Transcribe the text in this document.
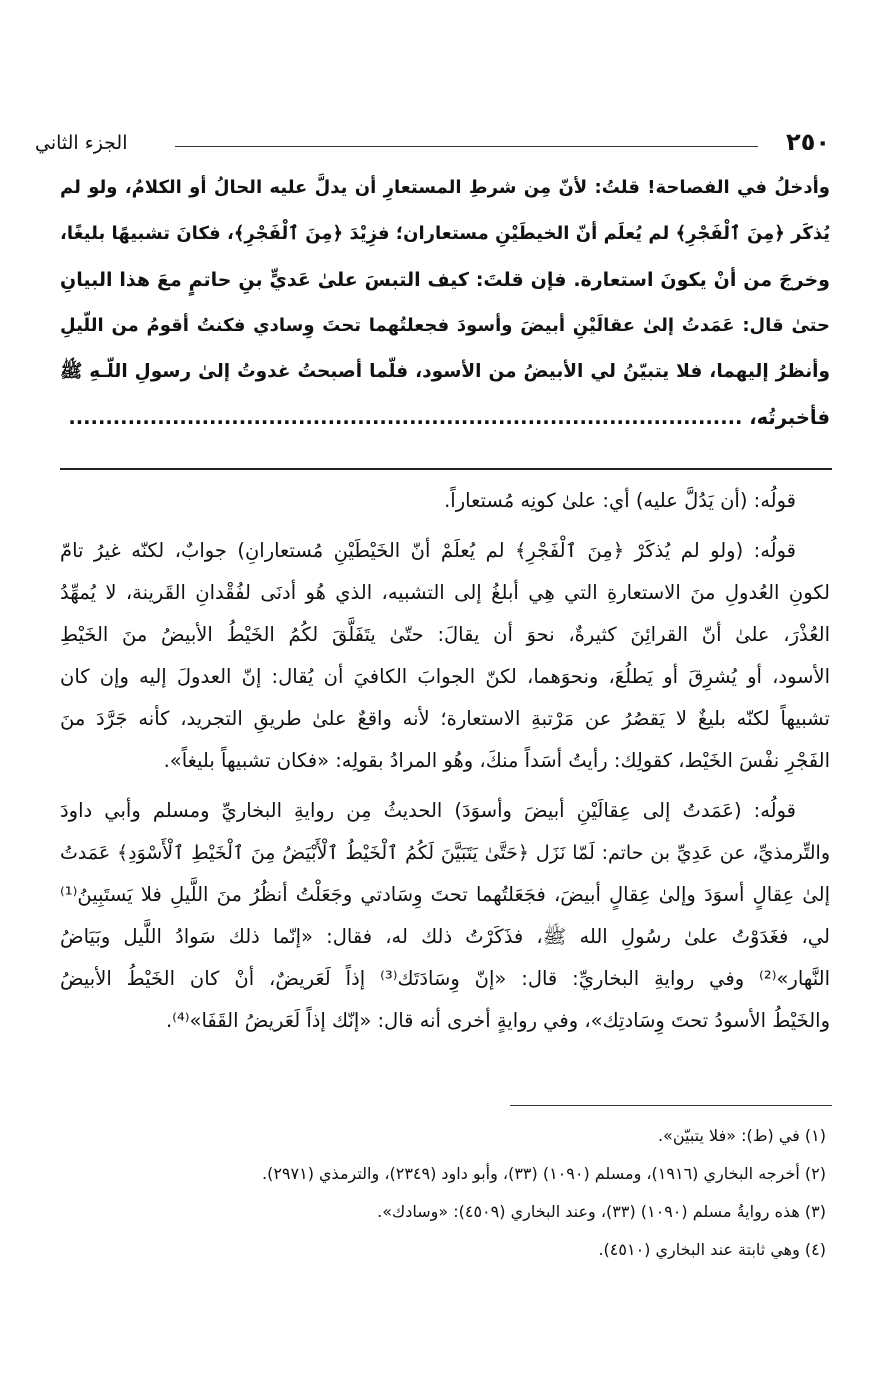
٢٥٠
الجزء الثاني
وأدخلُ في الفصاحة! قلتُ: لأنّ مِن شرطِ المستعارِ أن يدلَّ عليه الحالُ أو الكلامُ، ولو لم
يُذكَر ﴿مِنَ ٱلْفَجْرِ﴾ لم يُعلَم أنّ الخيطَيْنِ مستعاران؛ فزِيْدَ ﴿مِنَ ٱلْفَجْرِ﴾، فكانَ تشبيهًا بليغًا،
وخرجَ من أنْ يكونَ استعارة. فإن قلتَ: كيف التبسَ علىٰ عَديٍّ بنِ حاتمٍ معَ هذا البيانِ
حتىٰ قال: عَمَدتُ إلىٰ عقالَيْنِ أبيضَ وأسودَ فجعلتُهما تحتَ وِسادي فكنتُ أقومُ من اللّيلِ
وأنظرُ إليهما، فلا يتبيّنُ لي الأبيضُ من الأسود، فلّما أصبحتُ غدوتُ إلىٰ رسولِ اللّـهِ ﷺ
فأخبرتُه، ...........................................................................................
قولُه: (أن يَدُلَّ عليه) أي: علىٰ كونِه مُستعاراً.
قولُه: (ولو لم يُذكَرْ ﴿مِنَ ٱلْفَجْرِ﴾ لم يُعلَمْ أنّ الخَيْطَيْنِ مُستعارانِ) جوابٌ، لكنّه غيرُ تامّ
لكونِ العُدولِ منَ الاستعارةِ التي هِي أبلغُ إلى التشبيه، الذي هُو أدنَى لفُقْدانِ القَرينة، لا يُمهِّدُ
العُذْرَ، علىٰ أنّ القرائِنَ كثيرةٌ، نحوَ أن يقالَ: حتّىٰ يتَفَلَّقَ لكُمُ الخَيْطُ الأبيضُ منَ الخَيْطِ
الأسود، أو يُشرِقَ أو يَطلُعَ، ونحوَهما، لكنّ الجوابَ الكافيَ أن يُقال: إنّ العدولَ إليه وإن كان
تشبيهاً لكنّه بليغٌ لا يَقصُرُ عن مَرْتبةِ الاستعارة؛ لأنه واقعٌ علىٰ طريقِ التجريد، كأنه جَرَّدَ منَ
الفَجْرِ نفْسَ الخَيْط، كقولِك: رأيتُ أسَداً منكَ، وهُو المرادُ بقولِه: «فكان تشبيهاً بليغاً».
قولُه: (عَمَدتُ إلى عِقالَيْنِ أبيضَ وأسوَدَ) الحديثُ مِن روايةِ البخاريِّ ومسلم وأبي داودَ
والتِّرمذيِّ، عن عَدِيِّ بن حاتم: لَمّا نَزَل ﴿حَتَّىٰ يَتَبَيَّنَ لَكُمُ ٱلْخَيْطُ ٱلْأَبْيَضُ مِنَ ٱلْخَيْطِ ٱلْأَسْوَدِ﴾ عَمَدتُ
إلىٰ عِقالٍ أسوَدَ وإلىٰ عِقالٍ أبيضَ، فجَعَلتُهما تحتَ وِسَادتي وجَعَلْتُ أنظُرُ منَ اللَّيلِ فلا يَستَبِينُ⁽¹⁾
لي، فغَدَوْتُ علىٰ رسُولِ الله ﷺ، فذَكَرْتُ ذلك له، فقال: «إنّما ذلك سَوادُ اللَّيل وبَيَاضُ
النَّهار»⁽²⁾ وفي روايةِ البخاريِّ: قال: «إنّ وِسَادَتَك⁽³⁾ إذاً لَعَريضٌ، أنْ كان الخَيْطُ الأبيضُ
والخَيْطُ الأسودُ تحتَ وِسَادتِك»، وفي روايةٍ أخرى أنه قال: «إنّك إذاً لَعَريضُ القَفَا»⁽⁴⁾.
(١) في (ط): «فلا يتبيّن».
(٢) أخرجه البخاري (١٩١٦)، ومسلم (١٠٩٠) (٣٣)، وأبو داود (٢٣٤٩)، والترمذي (٢٩٧١).
(٣) هذه روايةُ مسلم (١٠٩٠) (٣٣)، وعند البخاري (٤٥٠٩): «وسادك».
(٤) وهي ثابتة عند البخاري (٤٥١٠).
